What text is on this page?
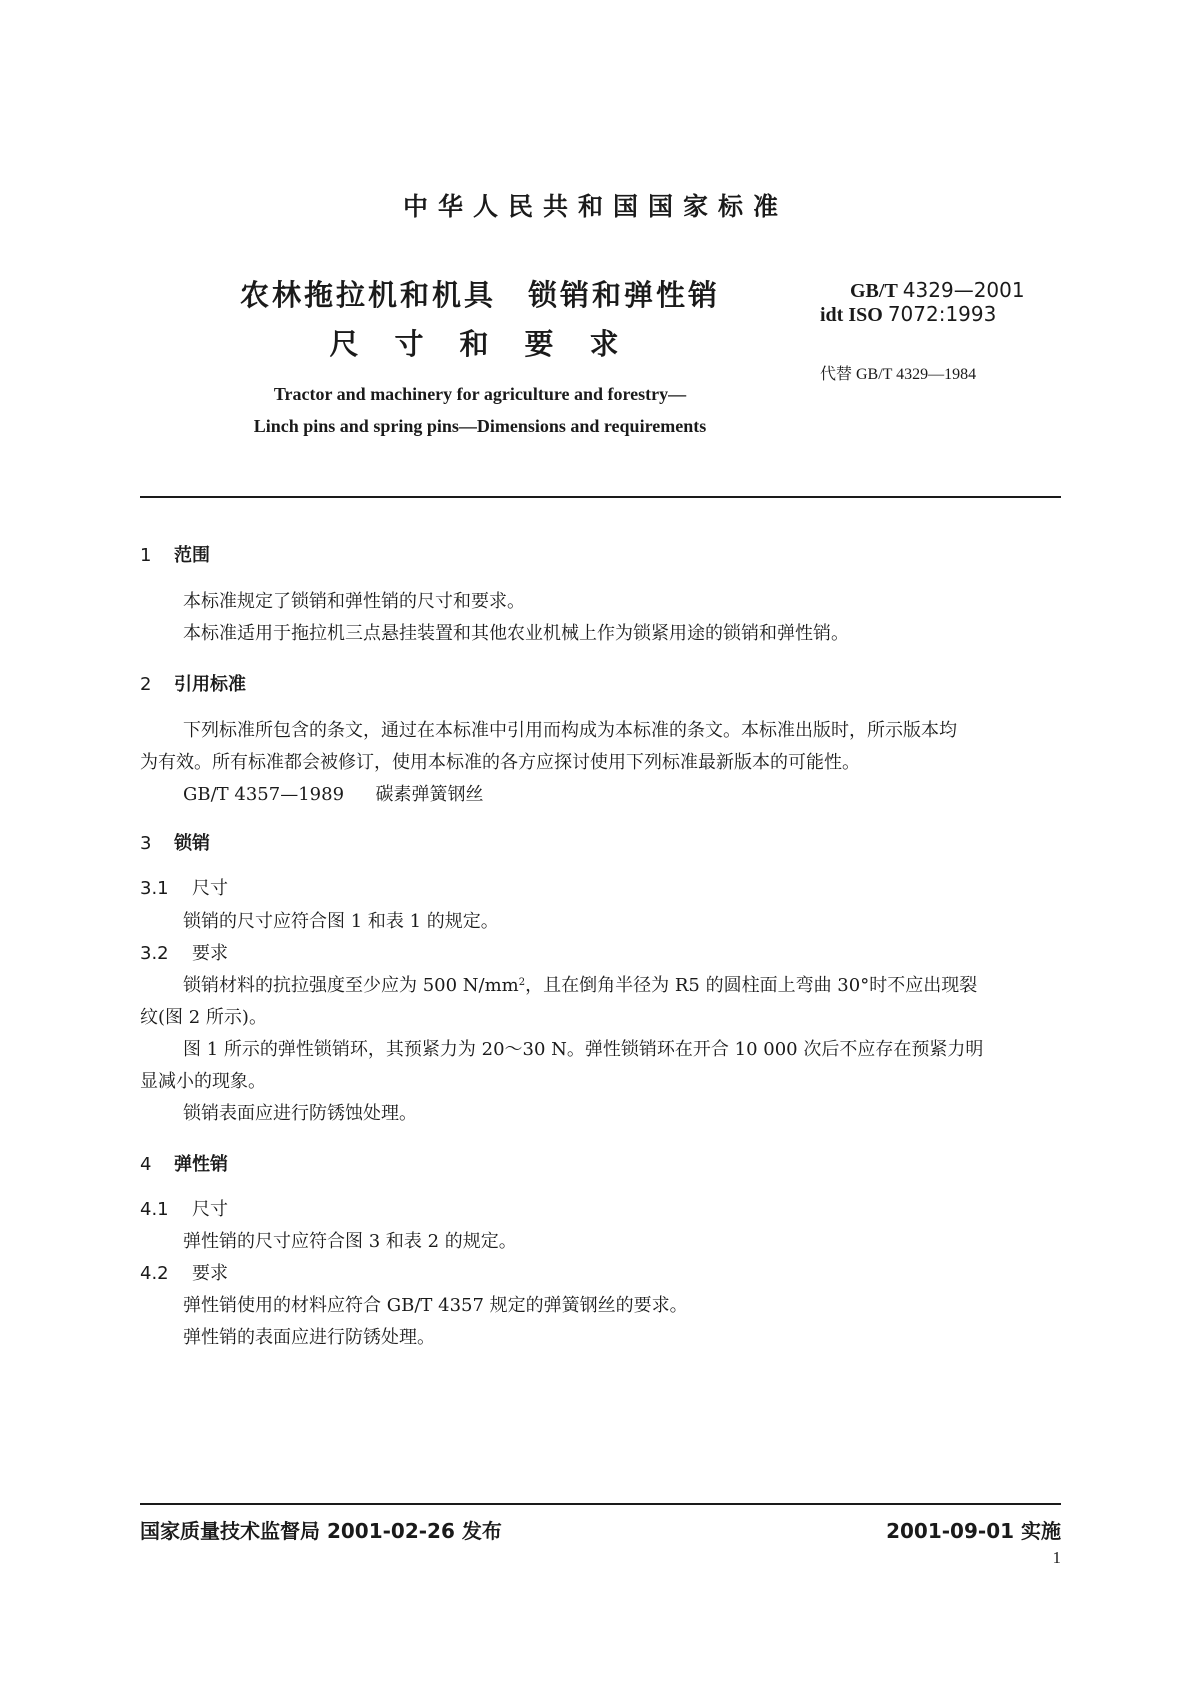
中华人民共和国国家标准
农林拖拉机和机具　锁销和弹性销
尺寸和要求
GB/T 4329—2001
idt ISO 7072:1993
代替 GB/T 4329—1984
Tractor and machinery for agriculture and forestry—
Linch pins and spring pins—Dimensions and requirements
1 范围
本标准规定了锁销和弹性销的尺寸和要求。
本标准适用于拖拉机三点悬挂装置和其他农业机械上作为锁紧用途的锁销和弹性销。
2 引用标准
下列标准所包含的条文，通过在本标准中引用而构成为本标准的条文。本标准出版时，所示版本均
为有效。所有标准都会被修订，使用本标准的各方应探讨使用下列标准最新版本的可能性。
GB/T 4357—1989 碳素弹簧钢丝
3 锁销
3.1 尺寸
锁销的尺寸应符合图 1 和表 1 的规定。
3.2 要求
锁销材料的抗拉强度至少应为 500 $N/mm^2$，且在倒角半径为 R5 的圆柱面上弯曲 30°时不应出现裂
纹(图 2 所示)。
图 1 所示的弹性锁销环，其预紧力为 20～30 N。弹性锁销环在开合 10 000 次后不应存在预紧力明
显减小的现象。
锁销表面应进行防锈蚀处理。
4 弹性销
4.1 尺寸
弹性销的尺寸应符合图 3 和表 2 的规定。
4.2 要求
弹性销使用的材料应符合 GB/T 4357 规定的弹簧钢丝的要求。
弹性销的表面应进行防锈处理。
国家质量技术监督局 2001-02-26 发布	2001-09-01 实施
1
